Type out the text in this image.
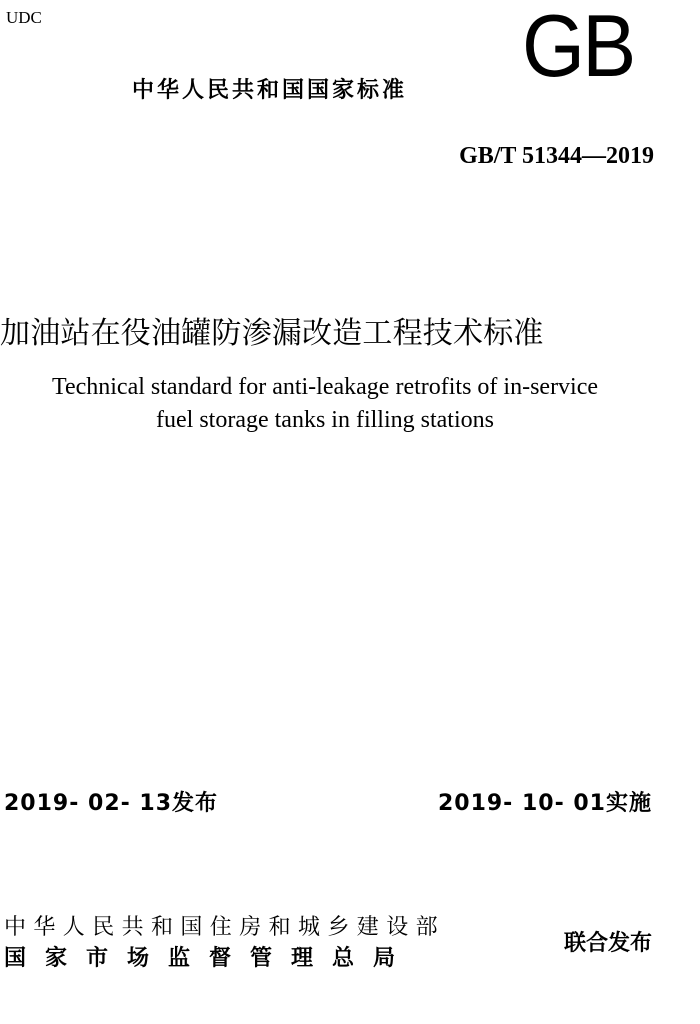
UDC	GB
中华人民共和国国家标准
GB/T 51344—2019
加油站在役油罐防渗漏改造工程技术标准
Technical standard for anti-leakage retrofits of in-service
fuel storage tanks in filling stations
2019- 02- 13发布	2019- 10- 01实施
中华人民共和国住房和城乡建设部
国家市场监督管理总局
联合发布
